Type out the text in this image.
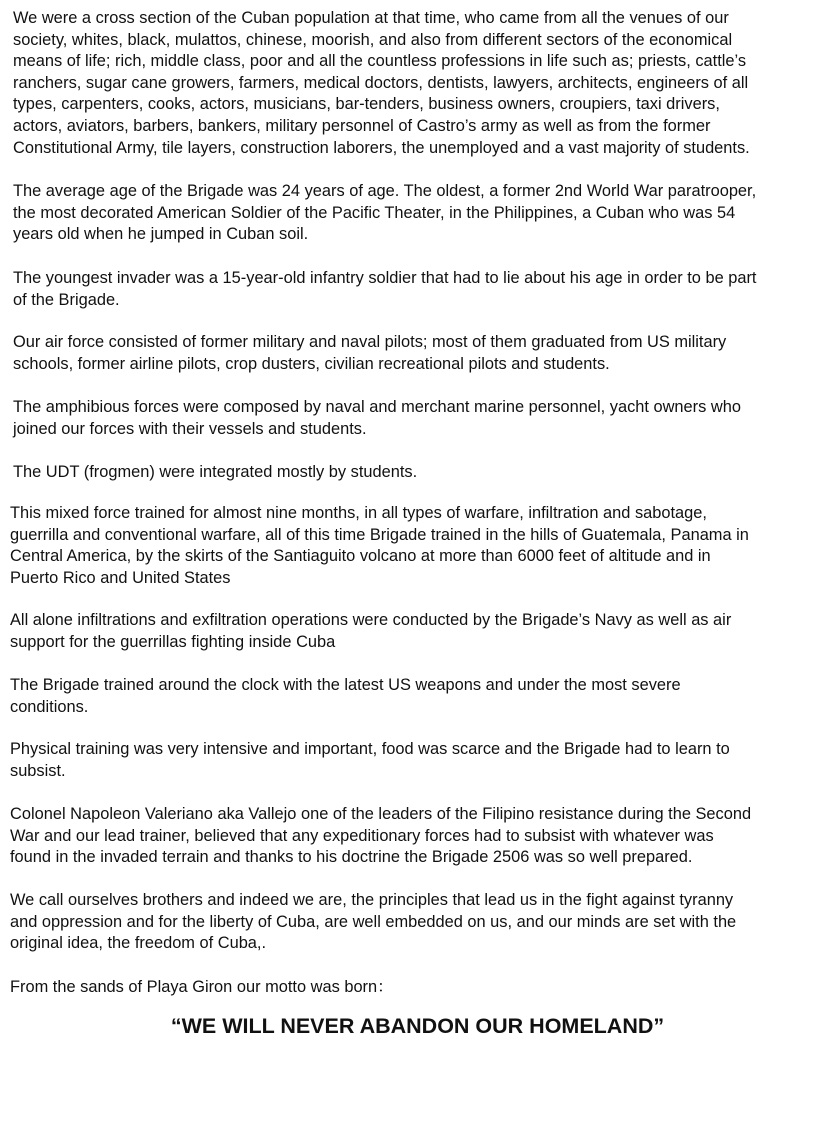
We were a cross section of the Cuban population at that time, who came from all the venues of our
society, whites, black, mulattos, chinese, moorish, and also from different sectors of the economical
means of life; rich, middle class, poor and all the countless professions in life such as; priests, cattle’s
ranchers, sugar cane growers, farmers, medical doctors, dentists, lawyers, architects, engineers of all
types, carpenters, cooks, actors, musicians, bar-tenders, business owners, croupiers, taxi drivers,
actors, aviators, barbers, bankers, military personnel of Castro’s army as well as from the former
Constitutional Army, tile layers, construction laborers, the unemployed and a vast majority of students.

The average age of the Brigade was 24 years of age. The oldest, a former 2nd World War paratrooper,
the most decorated American Soldier of the Pacific Theater, in the Philippines, a Cuban who was 54
years old when he jumped in Cuban soil.

The youngest invader was a 15-year-old infantry soldier that had to lie about his age in order to be part
of the Brigade.

Our air force consisted of former military and naval pilots; most of them graduated from US military
schools, former airline pilots, crop dusters, civilian recreational pilots and students.

The amphibious forces were composed by naval and merchant marine personnel, yacht owners who
joined our forces with their vessels and students.

The UDT (frogmen) were integrated mostly by students.

This mixed force trained for almost nine months, in all types of warfare, infiltration and sabotage,
guerrilla and conventional warfare, all of this time Brigade trained in the hills of Guatemala, Panama in
Central America, by the skirts of the Santiaguito volcano at more than 6000 feet of altitude and in
Puerto Rico and United States

All alone infiltrations and exfiltration operations were conducted by the Brigade’s Navy as well as air
support for the guerrillas fighting inside Cuba

The Brigade trained around the clock with the latest US weapons and under the most severe
conditions.

Physical training was very intensive and important, food was scarce and the Brigade had to learn to
subsist.

Colonel Napoleon Valeriano aka Vallejo one of the leaders of the Filipino resistance during the Second
War and our lead trainer, believed that any expeditionary forces had to subsist with whatever was
found in the invaded terrain and thanks to his doctrine the Brigade 2506 was so well prepared.

We call ourselves brothers and indeed we are, the principles that lead us in the fight against tyranny
and oppression and for the liberty of Cuba, are well embedded on us, and our minds are set with the
original idea, the freedom of Cuba,.

From the sands of Playa Giron our motto was born：

“WE WILL NEVER ABANDON OUR HOMELAND”
